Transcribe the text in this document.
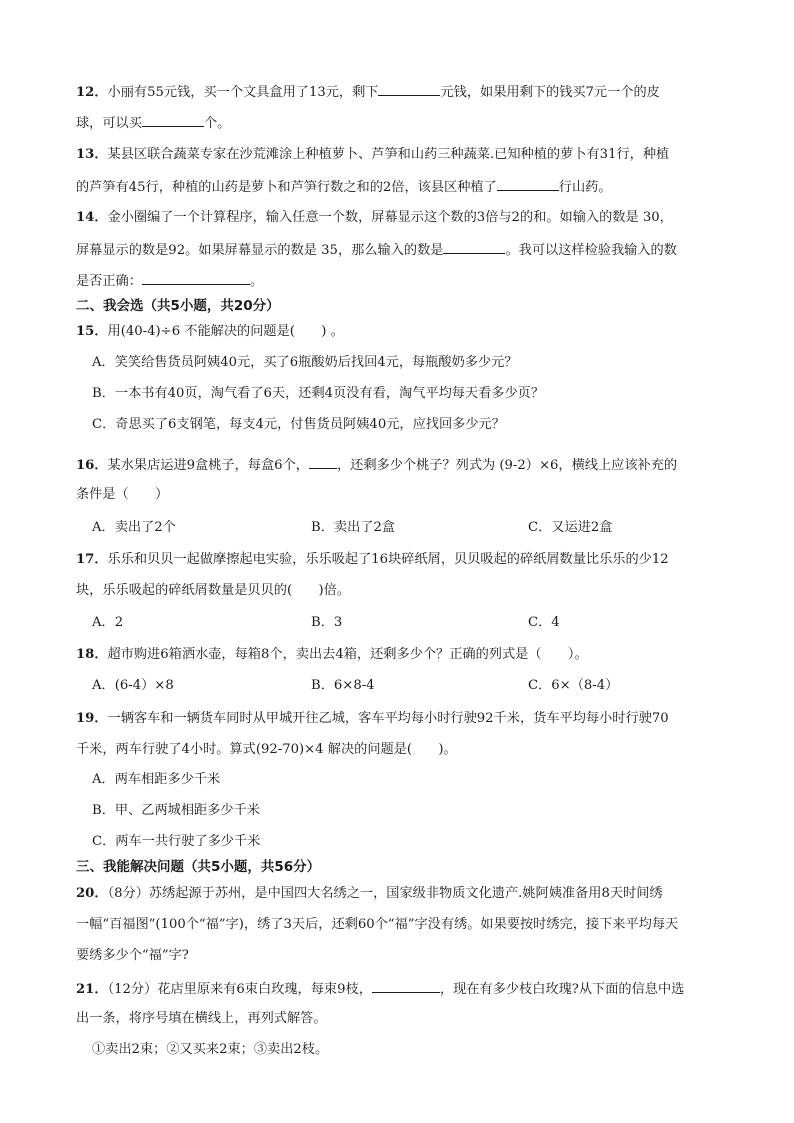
12．小丽有55元钱，买一个文具盒用了13元，剩下	元钱，如果用剩下的钱买7元一个的皮
球，可以买	个。
13．某县区联合蔬菜专家在沙荒滩涂上种植萝卜、芦笋和山药三种蔬菜.已知种植的萝卜有31行，种植
的芦笋有45行，种植的山药是萝卜和芦笋行数之和的2倍，该县区种植了	行山药。
14．金小圈编了一个计算程序，输入任意一个数，屏幕显示这个数的3倍与2的和。如输入的数是 30，
屏幕显示的数是92。如果屏幕显示的数是 35，那么输入的数是	。我可以这样检验我输入的数
是否正确：	。
二、我会选（共5小题，共20分）
15．用(40-4)÷6 不能解决的问题是(　　) 。
A．笑笑给售货员阿姨40元，买了6瓶酸奶后找回4元，每瓶酸奶多少元？
B．一本书有40页，淘气看了6天，还剩4页没有看，淘气平均每天看多少页？
C．奇思买了6支钢笔，每支4元，付售货员阿姨40元，应找回多少元？
16．某水果店运进9盒桃子，每盒6个， ，还剩多少个桃子？列式为 (9-2）×6，横线上应该补充的
条件是（　　）
A．卖出了2个	B．卖出了2盒	C．又运进2盒
17．乐乐和贝贝一起做摩擦起电实验，乐乐吸起了16块碎纸屑，贝贝吸起的碎纸屑数量比乐乐的少12
块，乐乐吸起的碎纸屑数量是贝贝的(　　)倍。
A．2	B．3	C．4
18．超市购进6箱洒水壶，每箱8个，卖出去4箱，还剩多少个？正确的列式是（　　）。
A．(6-4）×8	B．6×8-4	C．6×（8-4）
19．一辆客车和一辆货车同时从甲城开往乙城，客车平均每小时行驶92千米，货车平均每小时行驶70
千米，两车行驶了4小时。算式(92-70)×4 解决的问题是(　　)。
A．两车相距多少千米
B．甲、乙两城相距多少千米
C．两车一共行驶了多少千米
三、我能解决问题（共5小题，共56分）
20．（8分）苏绣起源于苏州，是中国四大名绣之一，国家级非物质文化遗产.姚阿姨准备用8天时间绣
一幅“百福图”(100个“福”字)，绣了3天后，还剩60个“福”字没有绣。如果要按时绣完，接下来平均每天
要绣多少个“福”字?
21．（12分）花店里原来有6束白玫瑰，每束9枝，	，现在有多少枝白玫瑰?从下面的信息中选
出一条，将序号填在横线上，再列式解答。
①卖出2束；②又买来2束；③卖出2枝。
